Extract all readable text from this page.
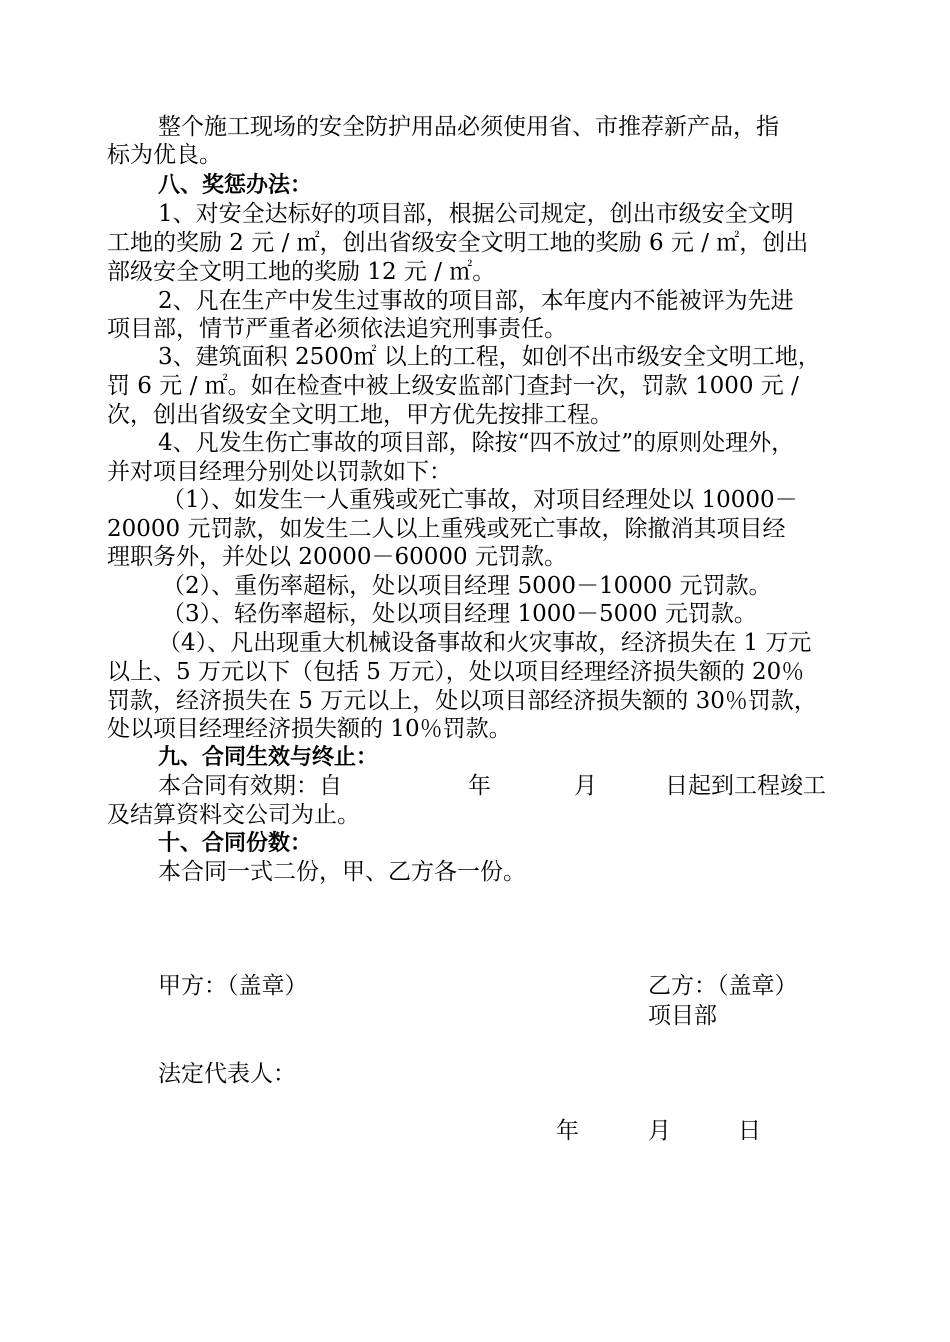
整个施工现场的安全防护用品必须使用省、市推荐新产品，指
标为优良。
八、奖惩办法：
1、对安全达标好的项目部，根据公司规定，创出市级安全文明
工地的奖励 2 元 / ㎡，创出省级安全文明工地的奖励 6 元 / ㎡，创出
部级安全文明工地的奖励 12 元 / ㎡。
2、凡在生产中发生过事故的项目部，本年度内不能被评为先进
项目部，情节严重者必须依法追究刑事责任。
3、建筑面积 2500㎡ 以上的工程，如创不出市级安全文明工地，
罚 6 元 / ㎡。如在检查中被上级安监部门查封一次，罚款 1000 元 /
次，创出省级安全文明工地，甲方优先按排工程。
4、凡发生伤亡事故的项目部，除按“四不放过”的原则处理外，
并对项目经理分别处以罚款如下：
（1）、如发生一人重残或死亡事故，对项目经理处以 10000－
20000 元罚款，如发生二人以上重残或死亡事故，除撤消其项目经
理职务外，并处以 20000－60000 元罚款。
（2）、重伤率超标，处以项目经理 5000－10000 元罚款。
（3）、轻伤率超标，处以项目经理 1000－5000 元罚款。
（4）、凡出现重大机械设备事故和火灾事故，经济损失在 1 万元
以上、5 万元以下（包括 5 万元），处以项目经理经济损失额的 20％
罚款，经济损失在 5 万元以上，处以项目部经济损失额的 30％罚款，
处以项目经理经济损失额的 10％罚款。
九、合同生效与终止：
本合同有效期：自	年	月	日起到工程竣工
及结算资料交公司为止。
十、合同份数：
本合同一式二份，甲、乙方各一份。
甲方：（盖章）	乙方：（盖章）
项目部
法定代表人：
年	月	日
